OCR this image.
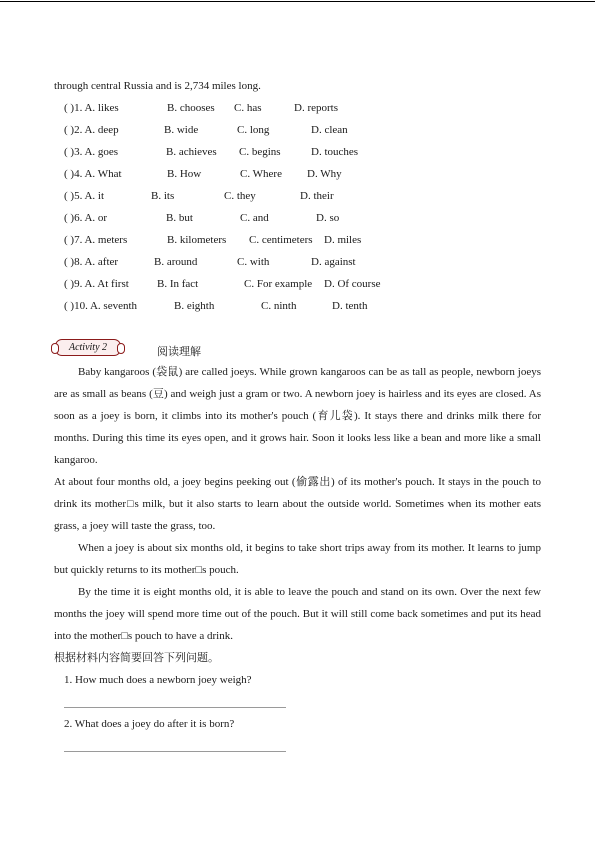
through central Russia and is 2,734 miles long.
( )1. A. likes	B. chooses C. has	D. reports
( )2. A. deep	B. wide	C. long	D. clean
( )3. A. goes	B. achieves C. begins	D. touches
( )4. A. What	B. How	C. Where D. Why
( )5. A. it	B. its	C. they	D. their
( )6. A. or	B. but	C. and	D. so
( )7. A. meters	B. kilometers C. centimeters D. miles
( )8. A. after	B. around	C. with	D. against
( )9. A. At first	B. In fact	C. For example D. Of course
( )10. A. seventh	B. eighth	C. ninth	D. tenth
Activity 2	阅读理解

Baby kangaroos (袋鼠) are called joeys. While grown kangaroos can be as tall as people, newborn joeys are as small as beans (豆) and weigh just a gram or two. A newborn joey is hairless and its eyes are closed. As soon as a joey is born, it climbs into its mother's pouch (育儿袋). It stays there and drinks milk there for months. During this time its eyes open, and it grows hair. Soon it looks less like a bean and more like a small kangaroo.

At about four months old, a joey begins peeking out (偷露出) of its mother's pouch. It stays in the pouch to drink its mother□s milk, but it also starts to learn about the outside world. Sometimes when its mother eats grass, a joey will taste the grass, too.

When a joey is about six months old, it begins to take short trips away from its mother. It learns to jump but quickly returns to its mother□s pouch.

By the time it is eight months old, it is able to leave the pouch and stand on its own. Over the next few months the joey will spend more time out of the pouch. But it will still come back sometimes and put its head into the mother□s pouch to have a drink.

根据材料内容简要回答下列问题。
1. How much does a newborn joey weigh?
2. What does a joey do after it is born?
